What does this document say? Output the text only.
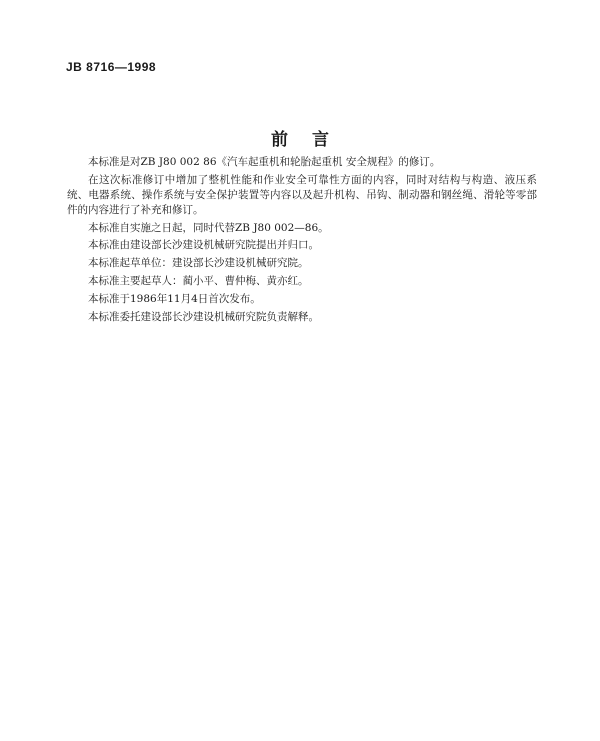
JB 8716—1998
前言

本标准是对ZB J80 002 86《汽车起重机和轮胎起重机 安全规程》的修订。

在这次标准修订中增加了整机性能和作业安全可靠性方面的内容，同时对结构与构造、液压系统、电器系统、操作系统与安全保护装置等内容以及起升机构、吊钩、制动器和钢丝绳、滑轮等零部件的内容进行了补充和修订。

本标准自实施之日起，同时代替ZB J80 002—86。

本标准由建设部长沙建设机械研究院提出并归口。

本标准起草单位：建设部长沙建设机械研究院。

本标准主要起草人：蔺小平、曹仲梅、黄亦红。

本标准于1986年11月4日首次发布。

本标准委托建设部长沙建设机械研究院负责解释。
